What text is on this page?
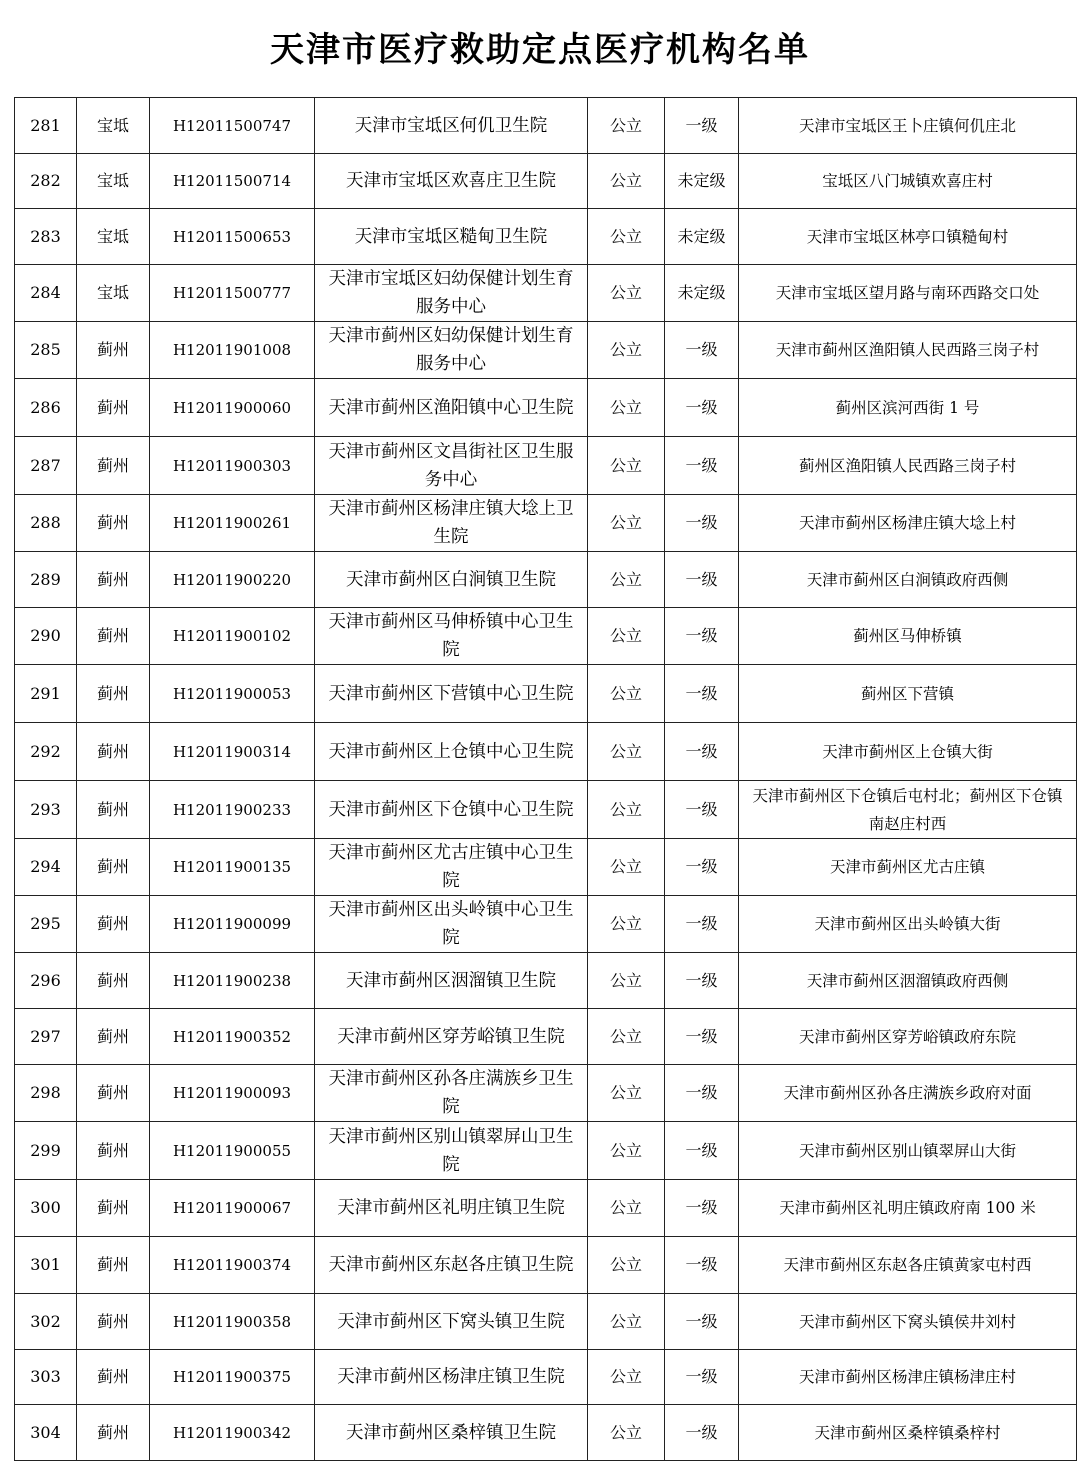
天津市医疗救助定点医疗机构名单
281	宝坻	H12011500747	天津市宝坻区何仉卫生院	公立	一级	天津市宝坻区王卜庄镇何仉庄北
282	宝坻	H12011500714	天津市宝坻区欢喜庄卫生院	公立	未定级	宝坻区八门城镇欢喜庄村
283	宝坻	H12011500653	天津市宝坻区糙甸卫生院	公立	未定级	天津市宝坻区林亭口镇糙甸村
284	宝坻	H12011500777	天津市宝坻区妇幼保健计划生育服务中心	公立	未定级	天津市宝坻区望月路与南环西路交口处
285	蓟州	H12011901008	天津市蓟州区妇幼保健计划生育服务中心	公立	一级	天津市蓟州区渔阳镇人民西路三岗子村
286	蓟州	H12011900060	天津市蓟州区渔阳镇中心卫生院	公立	一级	蓟州区滨河西街 1 号
287	蓟州	H12011900303	天津市蓟州区文昌街社区卫生服务中心	公立	一级	蓟州区渔阳镇人民西路三岗子村
288	蓟州	H12011900261	天津市蓟州区杨津庄镇大埝上卫生院	公立	一级	天津市蓟州区杨津庄镇大埝上村
289	蓟州	H12011900220	天津市蓟州区白涧镇卫生院	公立	一级	天津市蓟州区白涧镇政府西侧
290	蓟州	H12011900102	天津市蓟州区马伸桥镇中心卫生院	公立	一级	蓟州区马伸桥镇
291	蓟州	H12011900053	天津市蓟州区下营镇中心卫生院	公立	一级	蓟州区下营镇
292	蓟州	H12011900314	天津市蓟州区上仓镇中心卫生院	公立	一级	天津市蓟州区上仓镇大街
293	蓟州	H12011900233	天津市蓟州区下仓镇中心卫生院	公立	一级	天津市蓟州区下仓镇后屯村北；蓟州区下仓镇南赵庄村西
294	蓟州	H12011900135	天津市蓟州区尤古庄镇中心卫生院	公立	一级	天津市蓟州区尤古庄镇
295	蓟州	H12011900099	天津市蓟州区出头岭镇中心卫生院	公立	一级	天津市蓟州区出头岭镇大街
296	蓟州	H12011900238	天津市蓟州区洇溜镇卫生院	公立	一级	天津市蓟州区洇溜镇政府西侧
297	蓟州	H12011900352	天津市蓟州区穿芳峪镇卫生院	公立	一级	天津市蓟州区穿芳峪镇政府东院
298	蓟州	H12011900093	天津市蓟州区孙各庄满族乡卫生院	公立	一级	天津市蓟州区孙各庄满族乡政府对面
299	蓟州	H12011900055	天津市蓟州区别山镇翠屏山卫生院	公立	一级	天津市蓟州区别山镇翠屏山大街
300	蓟州	H12011900067	天津市蓟州区礼明庄镇卫生院	公立	一级	天津市蓟州区礼明庄镇政府南 100 米
301	蓟州	H12011900374	天津市蓟州区东赵各庄镇卫生院	公立	一级	天津市蓟州区东赵各庄镇黄家屯村西
302	蓟州	H12011900358	天津市蓟州区下窝头镇卫生院	公立	一级	天津市蓟州区下窝头镇侯井刘村
303	蓟州	H12011900375	天津市蓟州区杨津庄镇卫生院	公立	一级	天津市蓟州区杨津庄镇杨津庄村
304	蓟州	H12011900342	天津市蓟州区桑梓镇卫生院	公立	一级	天津市蓟州区桑梓镇桑梓村
